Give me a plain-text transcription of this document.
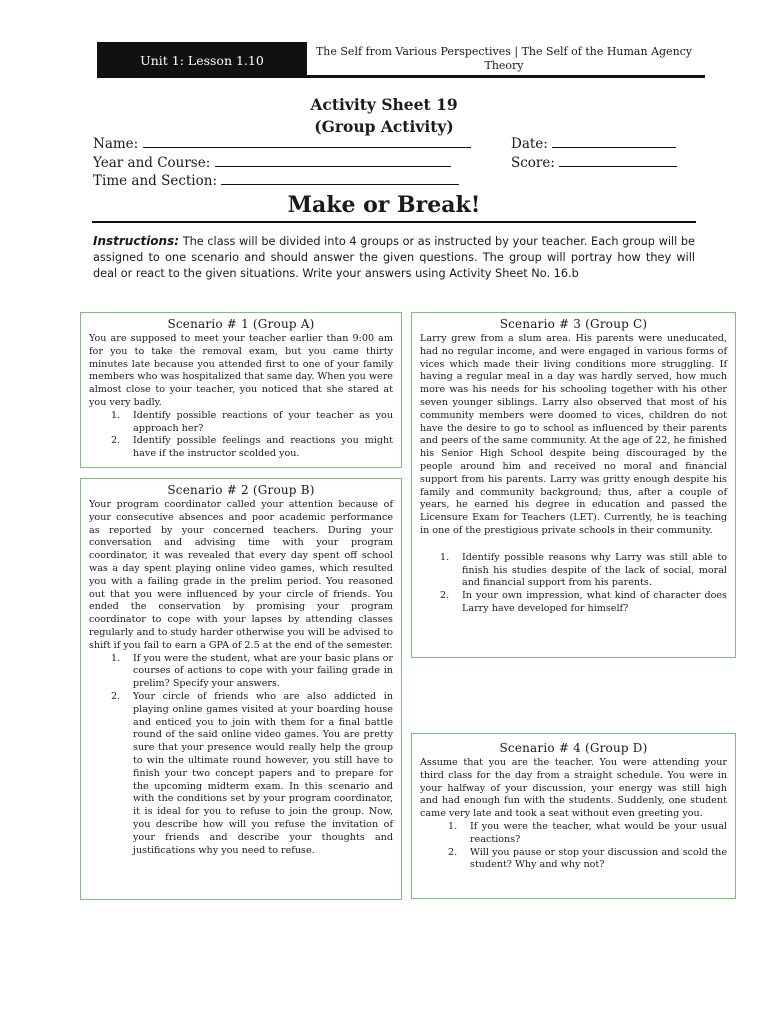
Unit 1: Lesson 1.10
The Self from Various Perspectives | The Self of the Human Agency Theory
Activity Sheet 19
(Group Activity)
Name:	Date:
Year and Course:	Score:
Time and Section:
Make or Break!
Instructions: The class will be divided into 4 groups or as instructed by your teacher. Each group will be assigned to one scenario and should answer the given questions. The group will portray how they will deal or react to the given situations. Write your answers using Activity Sheet No. 16.b
Scenario # 1 (Group A)
You are supposed to meet your teacher earlier than 9:00 am for you to take the removal exam, but you came thirty minutes late because you attended first to one of your family members who was hospitalized that same day. When you were almost close to your teacher, you noticed that she stared at you very badly.
1.	Identify possible reactions of your teacher as you approach her?
2.	Identify possible feelings and reactions you might have if the instructor scolded you.
Scenario # 2 (Group B)
Your program coordinator called your attention because of your consecutive absences and poor academic performance as reported by your concerned teachers. During your conversation and advising time with your program coordinator, it was revealed that every day spent off school was a day spent playing online video games, which resulted you with a failing grade in the prelim period. You reasoned out that you were influenced by your circle of friends. You ended the conservation by promising your program coordinator to cope with your lapses by attending classes regularly and to study harder otherwise you will be advised to shift if you fail to earn a GPA of 2.5 at the end of the semester.
1.	If you were the student, what are your basic plans or courses of actions to cope with your failing grade in prelim? Specify your answers.
2.	Your circle of friends who are also addicted in playing online games visited at your boarding house and enticed you to join with them for a final battle round of the said online video games. You are pretty sure that your presence would really help the group to win the ultimate round however, you still have to finish your two concept papers and to prepare for the upcoming midterm exam. In this scenario and with the conditions set by your program coordinator, it is ideal for you to refuse to join the group. Now, you describe how will you refuse the invitation of your friends and describe your thoughts and justifications why you need to refuse.
Scenario # 3 (Group C)
Larry grew from a slum area. His parents were uneducated, had no regular income, and were engaged in various forms of vices which made their living conditions more struggling. If having a regular meal in a day was hardly served, how much more was his needs for his schooling together with his other seven younger siblings. Larry also observed that most of his community members were doomed to vices, children do not have the desire to go to school as influenced by their parents and peers of the same community. At the age of 22, he finished his Senior High School despite being discouraged by the people around him and received no moral and financial support from his parents. Larry was gritty enough despite his family and community background; thus, after a couple of years, he earned his degree in education and passed the Licensure Exam for Teachers (LET). Currently, he is teaching in one of the prestigious private schools in their community.
1.	Identify possible reasons why Larry was still able to finish his studies despite of the lack of social, moral and financial support from his parents.
2.	In your own impression, what kind of character does Larry have developed for himself?
Scenario # 4 (Group D)
Assume that you are the teacher. You were attending your third class for the day from a straight schedule. You were in your halfway of your discussion, your energy was still high and had enough fun with the students. Suddenly, one student came very late and took a seat without even greeting you.
1.	If you were the teacher, what would be your usual reactions?
2.	Will you pause or stop your discussion and scold the student? Why and why not?
